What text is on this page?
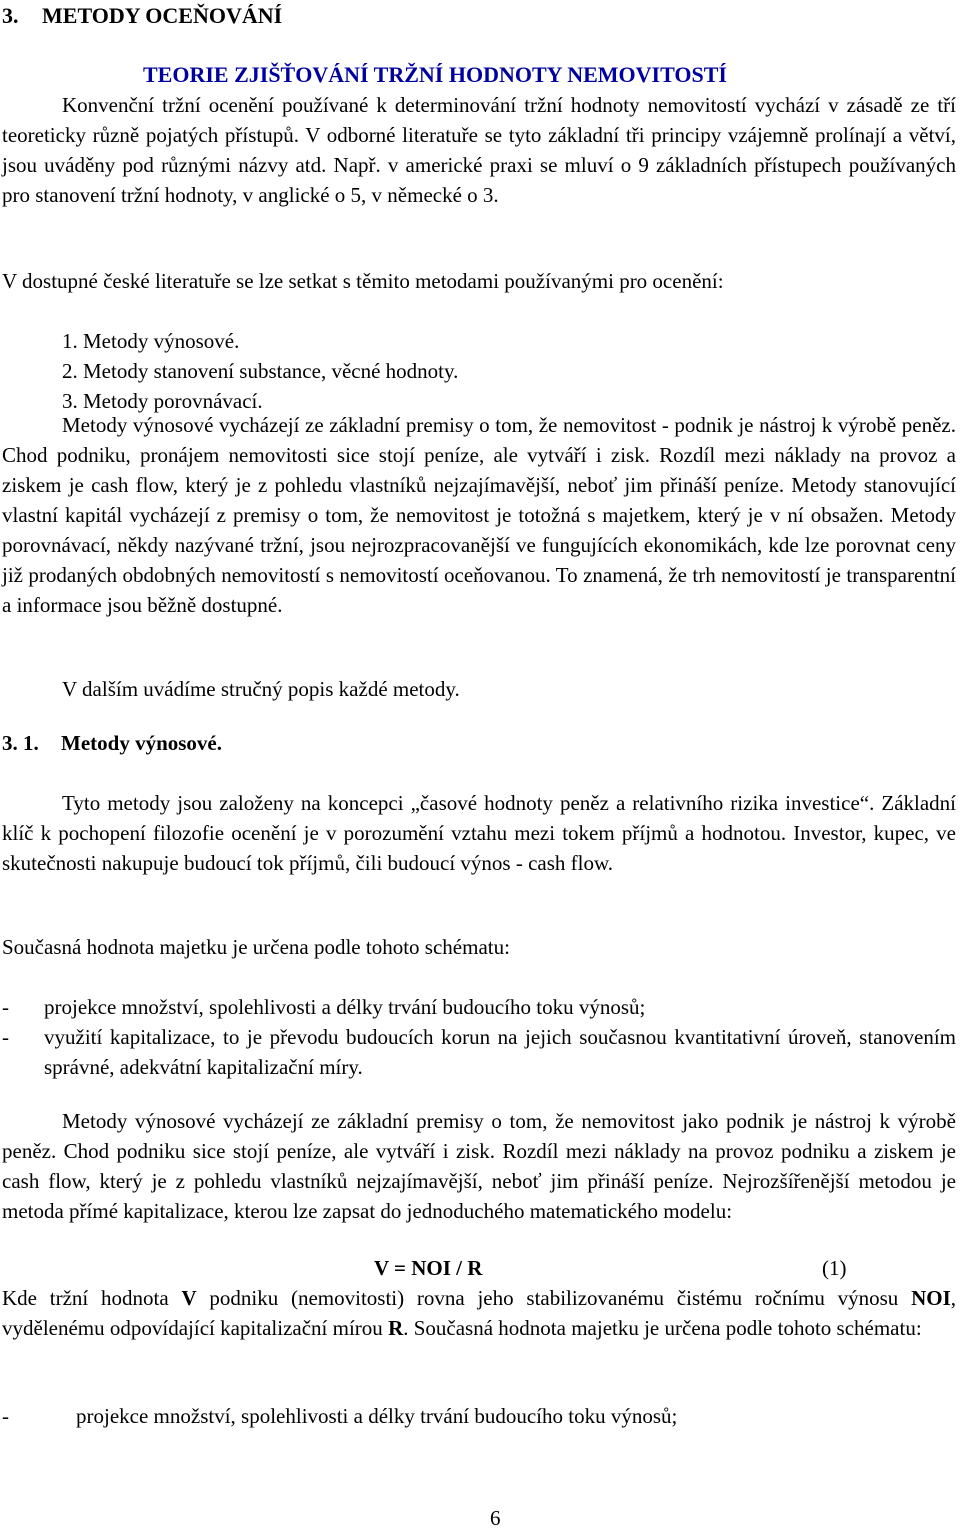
3. METODY OCEŇOVÁNÍ
TEORIE ZJIŠŤOVÁNÍ TRŽNÍ HODNOTY NEMOVITOSTÍ

Konvenční tržní ocenění používané k determinování tržní hodnoty nemovitostí vychází v zásadě ze tří teoreticky různě pojatých přístupů. V odborné literatuře se tyto základní tři principy vzájemně prolínají a větví, jsou uváděny pod různými názvy atd. Např. v americké praxi se mluví o 9 základních přístupech používaných pro stanovení tržní hodnoty, v anglické o 5, v německé o 3.

V dostupné české literatuře se lze setkat s těmito metodami používanými pro ocenění:

1. Metody výnosové.
2. Metody stanovení substance, věcné hodnoty.
3. Metody porovnávací.

Metody výnosové vycházejí ze základní premisy o tom, že nemovitost - podnik je nástroj k výrobě peněz. Chod podniku, pronájem nemovitosti sice stojí peníze, ale vytváří i zisk. Rozdíl mezi náklady na provoz a ziskem je cash flow, který je z pohledu vlastníků nejzajímavější, neboť jim přináší peníze. Metody stanovující vlastní kapitál vycházejí z premisy o tom, že nemovitost je totožná s majetkem, který je v ní obsažen. Metody porovnávací, někdy nazývané tržní, jsou nejrozpracovanější ve fungujících ekonomikách, kde lze porovnat ceny již prodaných obdobných nemovitostí s nemovitostí oceňovanou. To znamená, že trh nemovitostí je transparentní a informace jsou běžně dostupné.

V dalším uvádíme stručný popis každé metody.

3. 1. Metody výnosové.

Tyto metody jsou založeny na koncepci „časové hodnoty peněz a relativního rizika investice“. Základní klíč k pochopení filozofie ocenění je v porozumění vztahu mezi tokem příjmů a hodnotou. Investor, kupec, ve skutečnosti nakupuje budoucí tok příjmů, čili budoucí výnos - cash flow.

Současná hodnota majetku je určena podle tohoto schématu:

- projekce množství, spolehlivosti a délky trvání budoucího toku výnosů;
- využití kapitalizace, to je převodu budoucích korun na jejich současnou kvantitativní úroveň, stanovením správné, adekvátní kapitalizační míry.

Metody výnosové vycházejí ze základní premisy o tom, že nemovitost jako podnik je nástroj k výrobě peněz. Chod podniku sice stojí peníze, ale vytváří i zisk. Rozdíl mezi náklady na provoz podniku a ziskem je cash flow, který je z pohledu vlastníků nejzajímavější, neboť jim přináší peníze. Nejrozšířenější metodou je metoda přímé kapitalizace, kterou lze zapsat do jednoduchého matematického modelu:

V = NOI / R	(1)

Kde tržní hodnota V podniku (nemovitosti) rovna jeho stabilizovanému čistému ročnímu výnosu NOI, vydělenému odpovídající kapitalizační mírou R. Současná hodnota majetku je určena podle tohoto schématu:

-	projekce množství, spolehlivosti a délky trvání budoucího toku výnosů;
6
